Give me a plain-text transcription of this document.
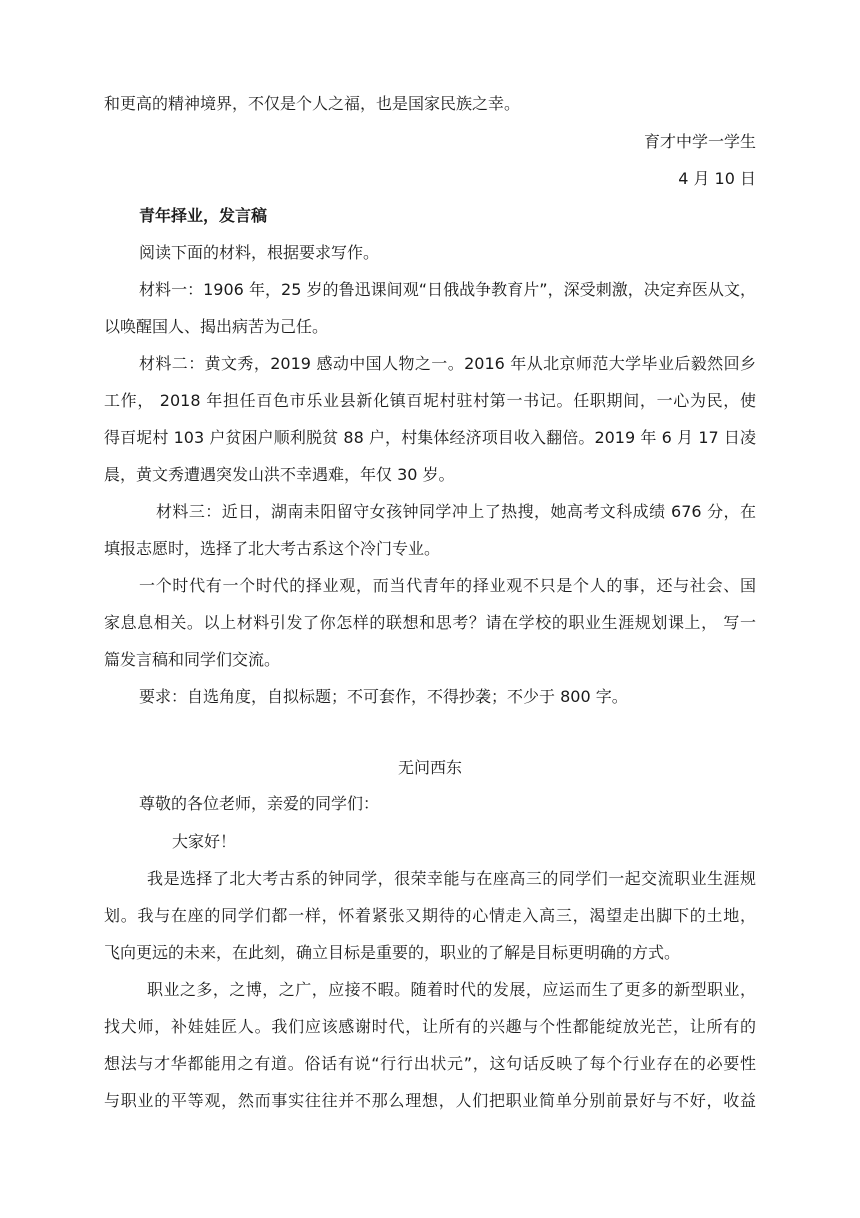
和更高的精神境界，不仅是个人之福，也是国家民族之幸。
育才中学一学生
4 月 10 日
青年择业，发言稿
阅读下面的材料，根据要求写作。
材料一：1906 年，25 岁的鲁迅课间观“日俄战争教育片”，深受刺激，决定弃医从文，
以唤醒国人、揭出病苦为己任。
材料二：黄文秀，2019 感动中国人物之一。2016 年从北京师范大学毕业后毅然回乡
工作， 2018 年担任百色市乐业县新化镇百坭村驻村第一书记。任职期间，一心为民，使
得百坭村 103 户贫困户顺利脱贫 88 户，村集体经济项目收入翻倍。2019 年 6 月 17 日凌
晨，黄文秀遭遇突发山洪不幸遇难，年仅 30 岁。
材料三：近日，湖南耒阳留守女孩钟同学冲上了热搜，她高考文科成绩 676 分，在
填报志愿时，选择了北大考古系这个冷门专业。
一个时代有一个时代的择业观，而当代青年的择业观不只是个人的事，还与社会、国
家息息相关。以上材料引发了你怎样的联想和思考？请在学校的职业生涯规划课上， 写一
篇发言稿和同学们交流。
要求：自选角度，自拟标题；不可套作，不得抄袭；不少于 800 字。
无问西东
尊敬的各位老师，亲爱的同学们：
大家好！
我是选择了北大考古系的钟同学，很荣幸能与在座高三的同学们一起交流职业生涯规
划。我与在座的同学们都一样，怀着紧张又期待的心情走入高三，渴望走出脚下的土地，
飞向更远的未来，在此刻，确立目标是重要的，职业的了解是目标更明确的方式。
职业之多，之博，之广，应接不暇。随着时代的发展，应运而生了更多的新型职业，
找犬师，补娃娃匠人。我们应该感谢时代，让所有的兴趣与个性都能绽放光芒，让所有的
想法与才华都能用之有道。俗话有说“行行出状元”，这句话反映了每个行业存在的必要性
与职业的平等观，然而事实往往并不那么理想，人们把职业简单分别前景好与不好，收益
